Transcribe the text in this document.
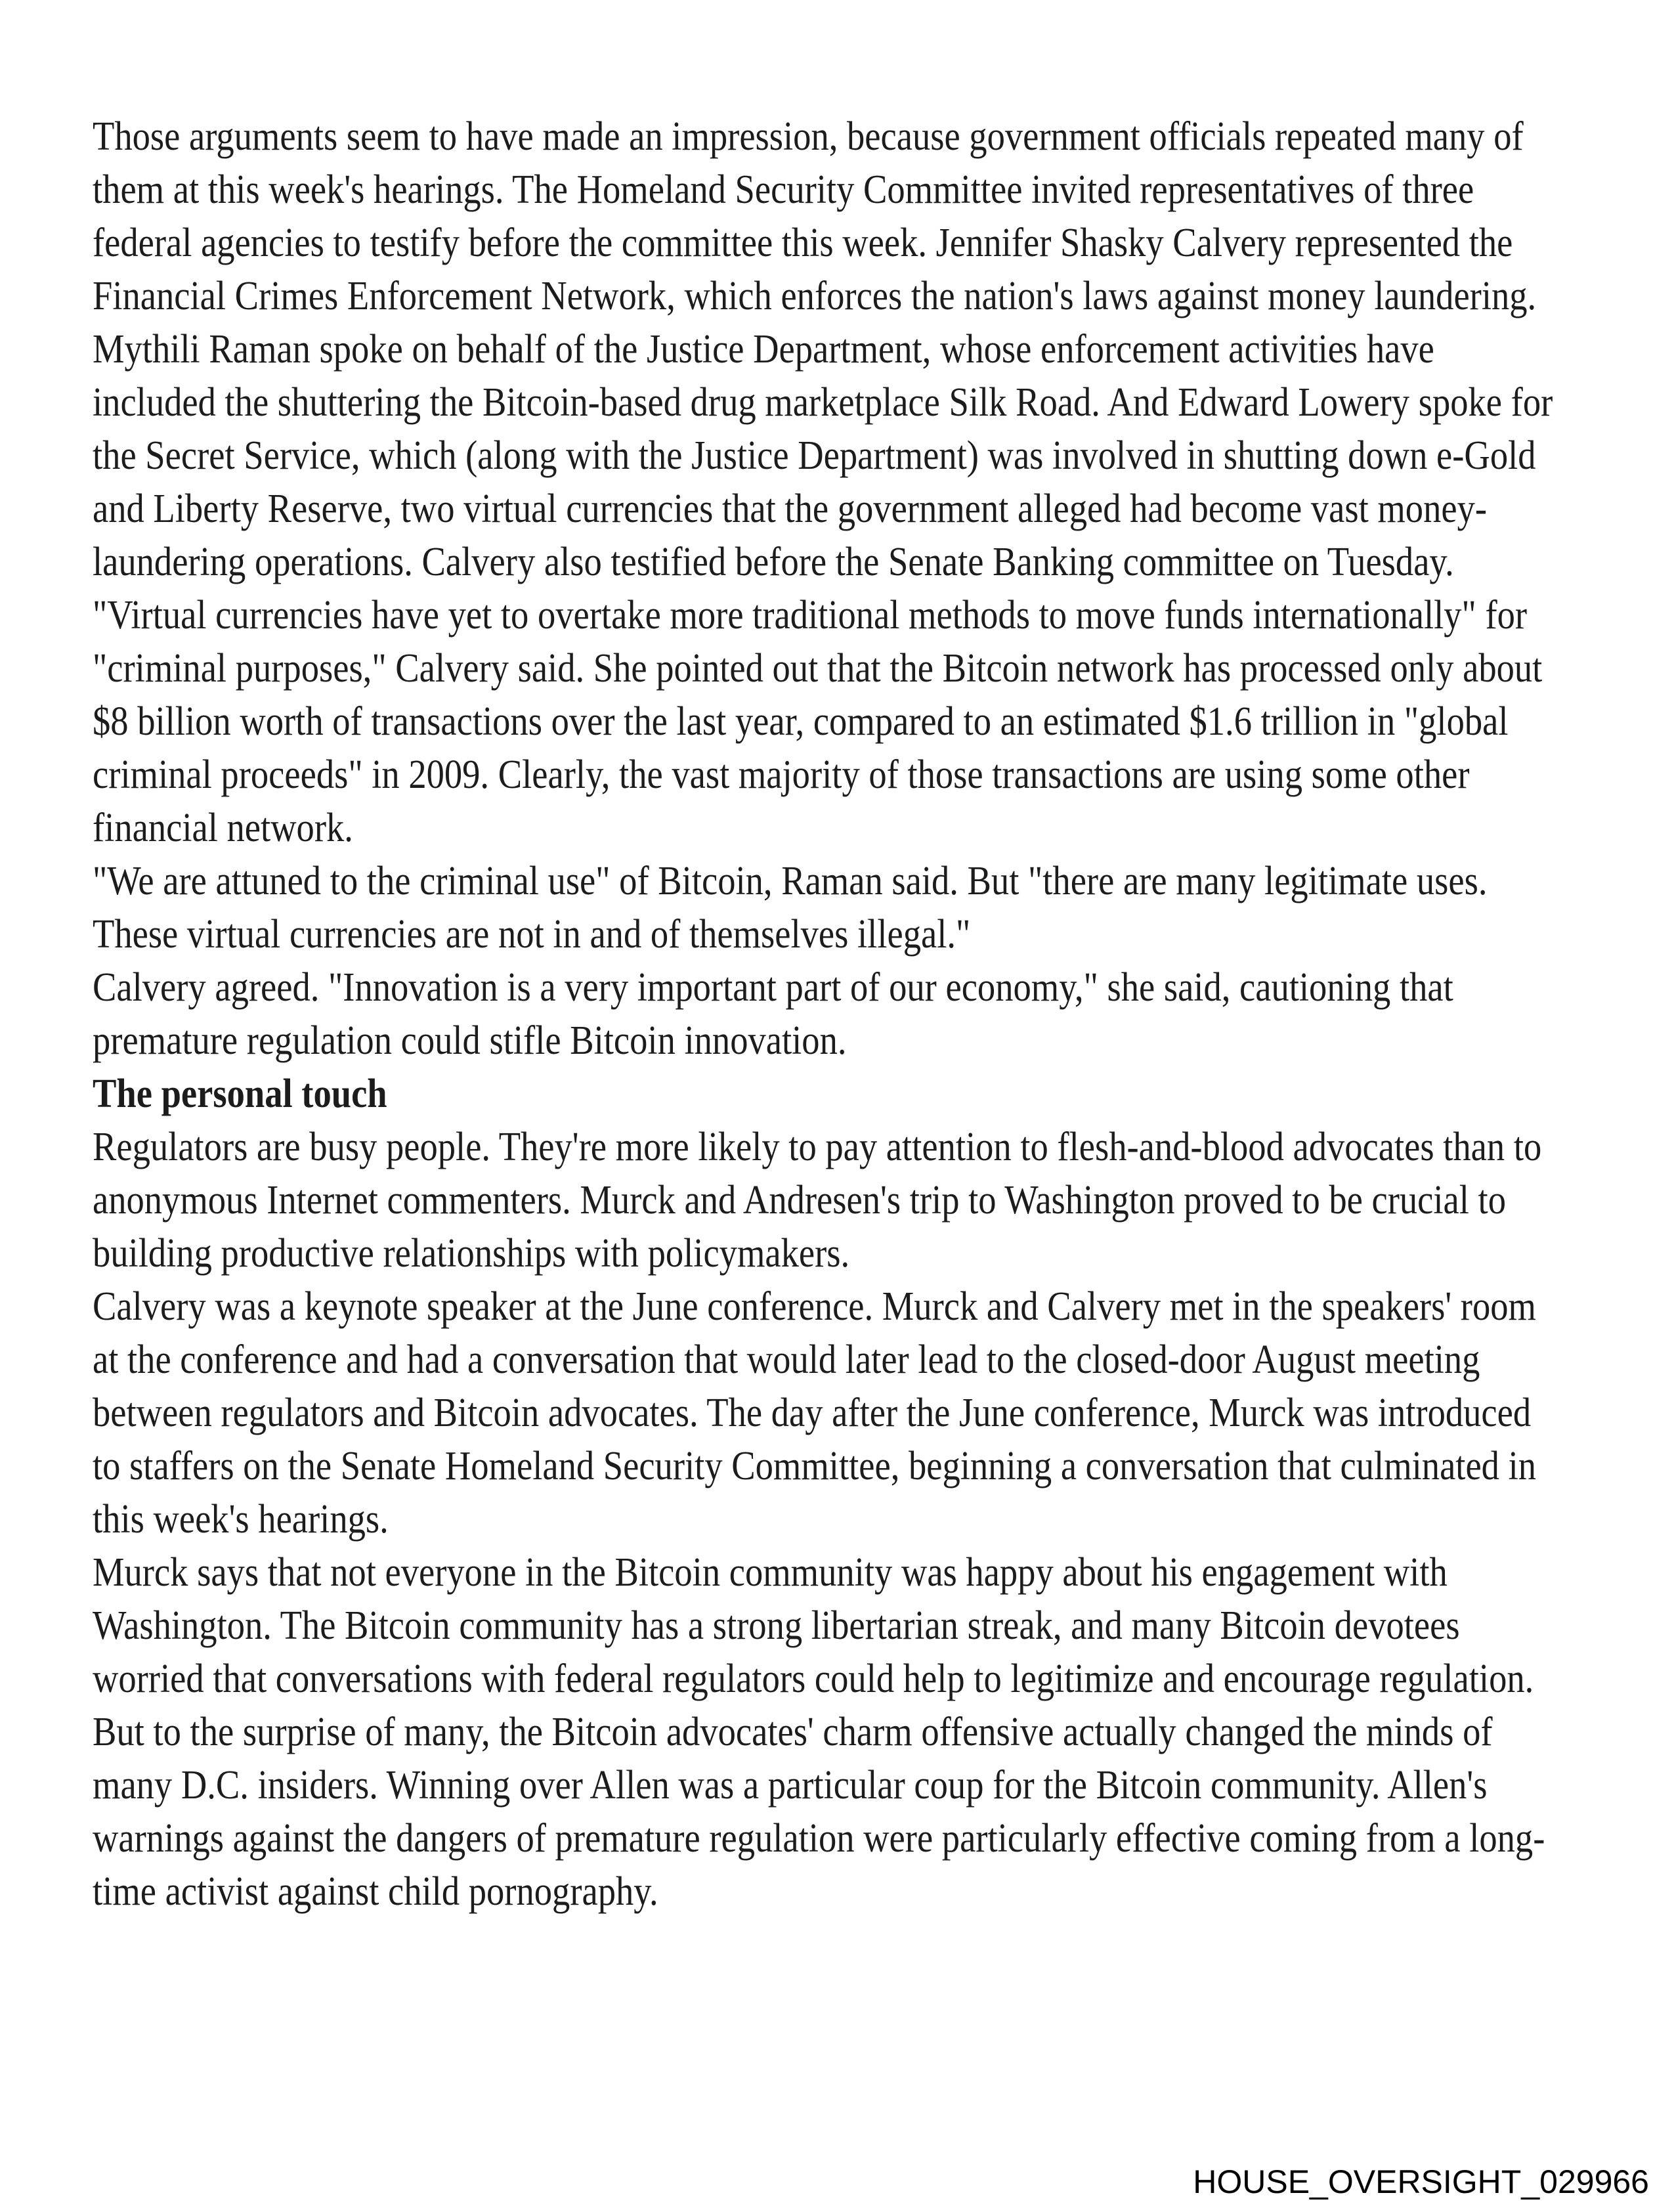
Those arguments seem to have made an impression, because government officials repeated many of
them at this week's hearings. The Homeland Security Committee invited representatives of three
federal agencies to testify before the committee this week. Jennifer Shasky Calvery represented the
Financial Crimes Enforcement Network, which enforces the nation's laws against money laundering.
Mythili Raman spoke on behalf of the Justice Department, whose enforcement activities have
included the shuttering the Bitcoin-based drug marketplace Silk Road. And Edward Lowery spoke for
the Secret Service, which (along with the Justice Department) was involved in shutting down e-Gold
and Liberty Reserve, two virtual currencies that the government alleged had become vast money-
laundering operations. Calvery also testified before the Senate Banking committee on Tuesday.
"Virtual currencies have yet to overtake more traditional methods to move funds internationally" for
"criminal purposes," Calvery said. She pointed out that the Bitcoin network has processed only about
$8 billion worth of transactions over the last year, compared to an estimated $1.6 trillion in "global
criminal proceeds" in 2009. Clearly, the vast majority of those transactions are using some other
financial network.
"We are attuned to the criminal use" of Bitcoin, Raman said. But "there are many legitimate uses.
These virtual currencies are not in and of themselves illegal."
Calvery agreed. "Innovation is a very important part of our economy," she said, cautioning that
premature regulation could stifle Bitcoin innovation.
The personal touch
Regulators are busy people. They're more likely to pay attention to flesh-and-blood advocates than to
anonymous Internet commenters. Murck and Andresen's trip to Washington proved to be crucial to
building productive relationships with policymakers.
Calvery was a keynote speaker at the June conference. Murck and Calvery met in the speakers' room
at the conference and had a conversation that would later lead to the closed-door August meeting
between regulators and Bitcoin advocates. The day after the June conference, Murck was introduced
to staffers on the Senate Homeland Security Committee, beginning a conversation that culminated in
this week's hearings.
Murck says that not everyone in the Bitcoin community was happy about his engagement with
Washington. The Bitcoin community has a strong libertarian streak, and many Bitcoin devotees
worried that conversations with federal regulators could help to legitimize and encourage regulation.
But to the surprise of many, the Bitcoin advocates' charm offensive actually changed the minds of
many D.C. insiders. Winning over Allen was a particular coup for the Bitcoin community. Allen's
warnings against the dangers of premature regulation were particularly effective coming from a long-
time activist against child pornography.
HOUSE_OVERSIGHT_029966
